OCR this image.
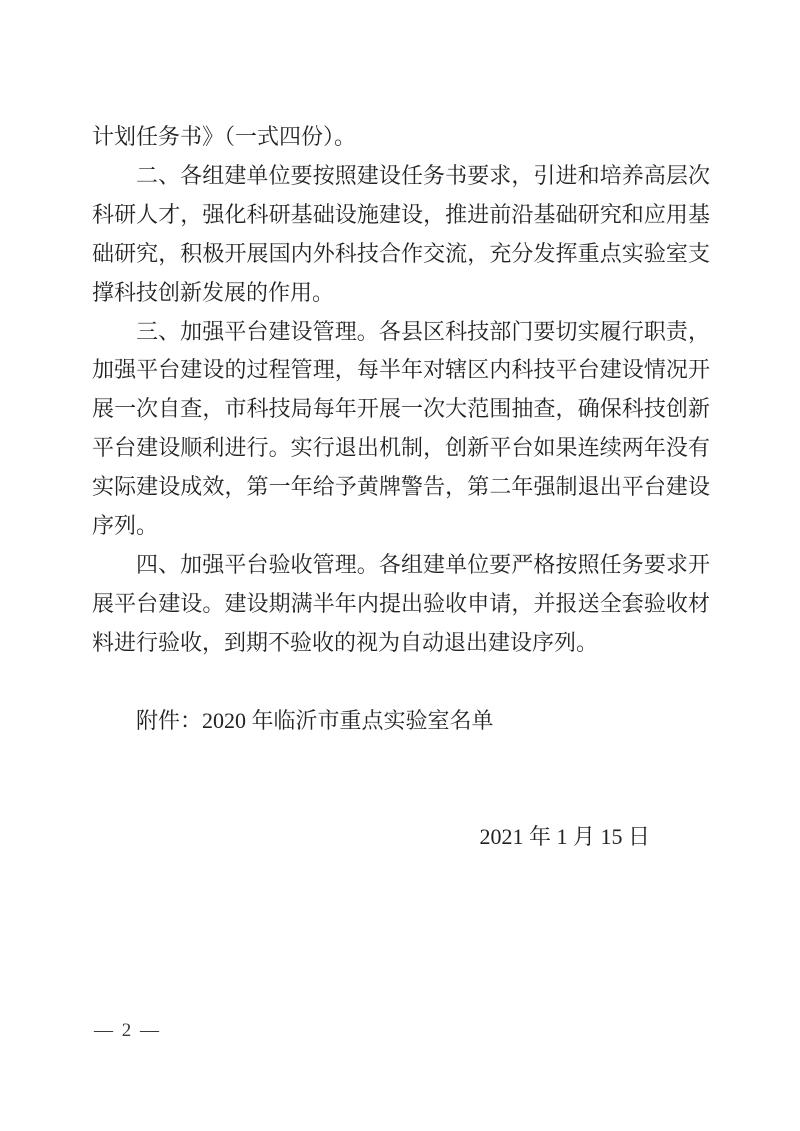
计划任务书》（一式四份）。

二、各组建单位要按照建设任务书要求，引进和培养高层次科研人才，强化科研基础设施建设，推进前沿基础研究和应用基础研究，积极开展国内外科技合作交流，充分发挥重点实验室支撑科技创新发展的作用。

三、加强平台建设管理。各县区科技部门要切实履行职责，加强平台建设的过程管理，每半年对辖区内科技平台建设情况开展一次自查，市科技局每年开展一次大范围抽查，确保科技创新平台建设顺利进行。实行退出机制，创新平台如果连续两年没有实际建设成效，第一年给予黄牌警告，第二年强制退出平台建设序列。

四、加强平台验收管理。各组建单位要严格按照任务要求开展平台建设。建设期满半年内提出验收申请，并报送全套验收材料进行验收，到期不验收的视为自动退出建设序列。

附件：2020 年临沂市重点实验室名单

2021 年 1 月 15 日

— 2 —
